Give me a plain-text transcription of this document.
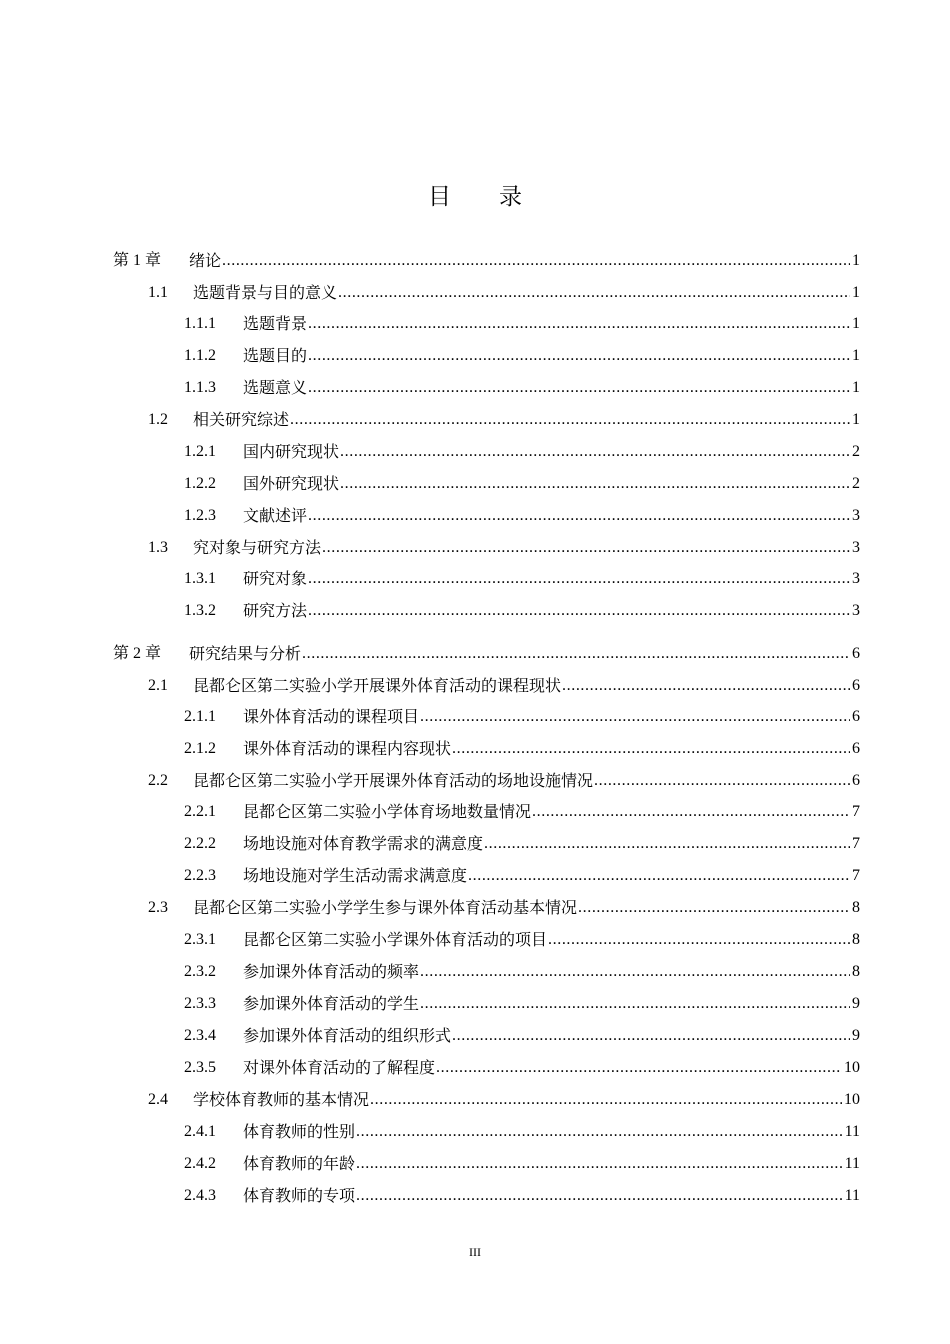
目 录
第 1 章	绪论 .....	1
1.1	选题背景与目的意义 .....	1
1.1.1	选题背景 .....	1
1.1.2	选题目的 .....	1
1.1.3	选题意义 .....	1
1.2	相关研究综述 .....	1
1.2.1	国内研究现状 .....	2
1.2.2	国外研究现状 .....	2
1.2.3	文献述评 .....	3
1.3	究对象与研究方法 .....	3
1.3.1	研究对象 .....	3
1.3.2	研究方法 .....	3
第 2 章	研究结果与分析 .....	6
2.1	昆都仑区第二实验小学开展课外体育活动的课程现状 .....	6
2.1.1	课外体育活动的课程项目 .....	6
2.1.2	课外体育活动的课程内容现状 .....	6
2.2	昆都仑区第二实验小学开展课外体育活动的场地设施情况 .....	6
2.2.1	昆都仑区第二实验小学体育场地数量情况 .....	7
2.2.2	场地设施对体育教学需求的满意度 .....	7
2.2.3	场地设施对学生活动需求满意度 .....	7
2.3	昆都仑区第二实验小学学生参与课外体育活动基本情况 .....	8
2.3.1	昆都仑区第二实验小学课外体育活动的项目 .....	8
2.3.2	参加课外体育活动的频率 .....	8
2.3.3	参加课外体育活动的学生 .....	9
2.3.4	参加课外体育活动的组织形式 .....	9
2.3.5	对课外体育活动的了解程度 .....	10
2.4	学校体育教师的基本情况 .....	10
2.4.1	体育教师的性别 .....	11
2.4.2	体育教师的年龄 .....	11
2.4.3	体育教师的专项 .....	11
III
